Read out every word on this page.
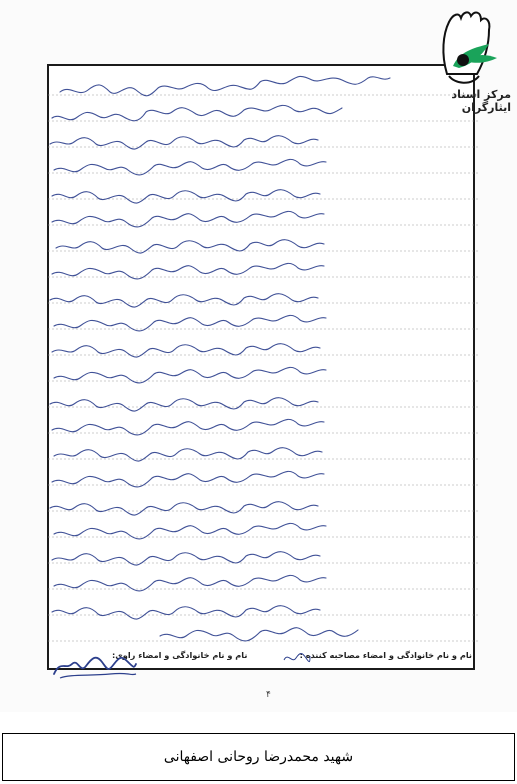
مرکز اسناد ایثارگران
نام و نام خانوادگی و امضاء مصاحبه کننده :
نام و نام خانوادگی و امضاء راوی:
۴
شهید محمدرضا روحانی اصفهانی
